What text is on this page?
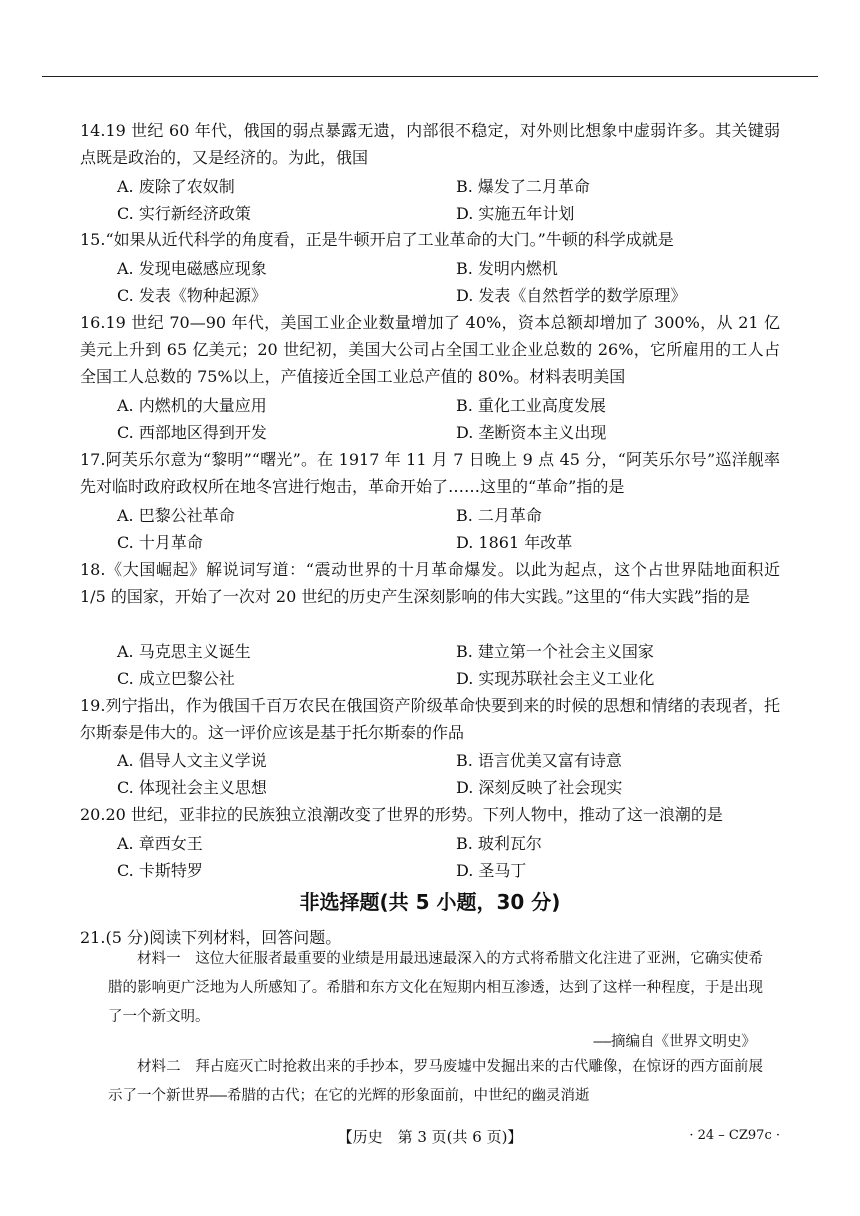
14.19 世纪 60 年代，俄国的弱点暴露无遗，内部很不稳定，对外则比想象中虚弱许多。其关键弱点既是政治的，又是经济的。为此，俄国

A. 废除了农奴制	B. 爆发了二月革命
C. 实行新经济政策	D. 实施五年计划

15.“如果从近代科学的角度看，正是牛顿开启了工业革命的大门。”牛顿的科学成就是

A. 发现电磁感应现象	B. 发明内燃机
C. 发表《物种起源》	D. 发表《自然哲学的数学原理》

16.19 世纪 70—90 年代，美国工业企业数量增加了 40%，资本总额却增加了 300%，从 21 亿美元上升到 65 亿美元；20 世纪初，美国大公司占全国工业企业总数的 26%，它所雇用的工人占全国工人总数的 75%以上，产值接近全国工业总产值的 80%。材料表明美国

A. 内燃机的大量应用	B. 重化工业高度发展
C. 西部地区得到开发	D. 垄断资本主义出现

17.阿芙乐尔意为“黎明”“曙光”。在 1917 年 11 月 7 日晚上 9 点 45 分，“阿芙乐尔号”巡洋舰率先对临时政府政权所在地冬宫进行炮击，革命开始了……这里的“革命”指的是

A. 巴黎公社革命	B. 二月革命
C. 十月革命	D. 1861 年改革

18.《大国崛起》解说词写道：“震动世界的十月革命爆发。以此为起点，这个占世界陆地面积近 1/5 的国家，开始了一次对 20 世纪的历史产生深刻影响的伟大实践。”这里的“伟大实践”指的是

A. 马克思主义诞生	B. 建立第一个社会主义国家
C. 成立巴黎公社	D. 实现苏联社会主义工业化

19.列宁指出，作为俄国千百万农民在俄国资产阶级革命快要到来的时候的思想和情绪的表现者，托尔斯泰是伟大的。这一评价应该是基于托尔斯泰的作品

A. 倡导人文主义学说	B. 语言优美又富有诗意
C. 体现社会主义思想	D. 深刻反映了社会现实

20.20 世纪，亚非拉的民族独立浪潮改变了世界的形势。下列人物中，推动了这一浪潮的是

A. 章西女王	B. 玻利瓦尔
C. 卡斯特罗	D. 圣马丁
非选择题(共 5 小题，30 分)

21.(5 分)阅读下列材料，回答问题。

材料一　这位大征服者最重要的业绩是用最迅速最深入的方式将希腊文化注进了亚洲，它确实使希腊的影响更广泛地为人所感知了。希腊和东方文化在短期内相互渗透，达到了这样一种程度，于是出现了一个新文明。

——摘编自《世界文明史》

材料二　拜占庭灭亡时抢救出来的手抄本，罗马废墟中发掘出来的古代雕像，在惊讶的西方面前展示了一个新世界——希腊的古代；在它的光辉的形象面前，中世纪的幽灵消逝

【历史　第 3 页(共 6 页)】	· 24 – CZ97c ·
